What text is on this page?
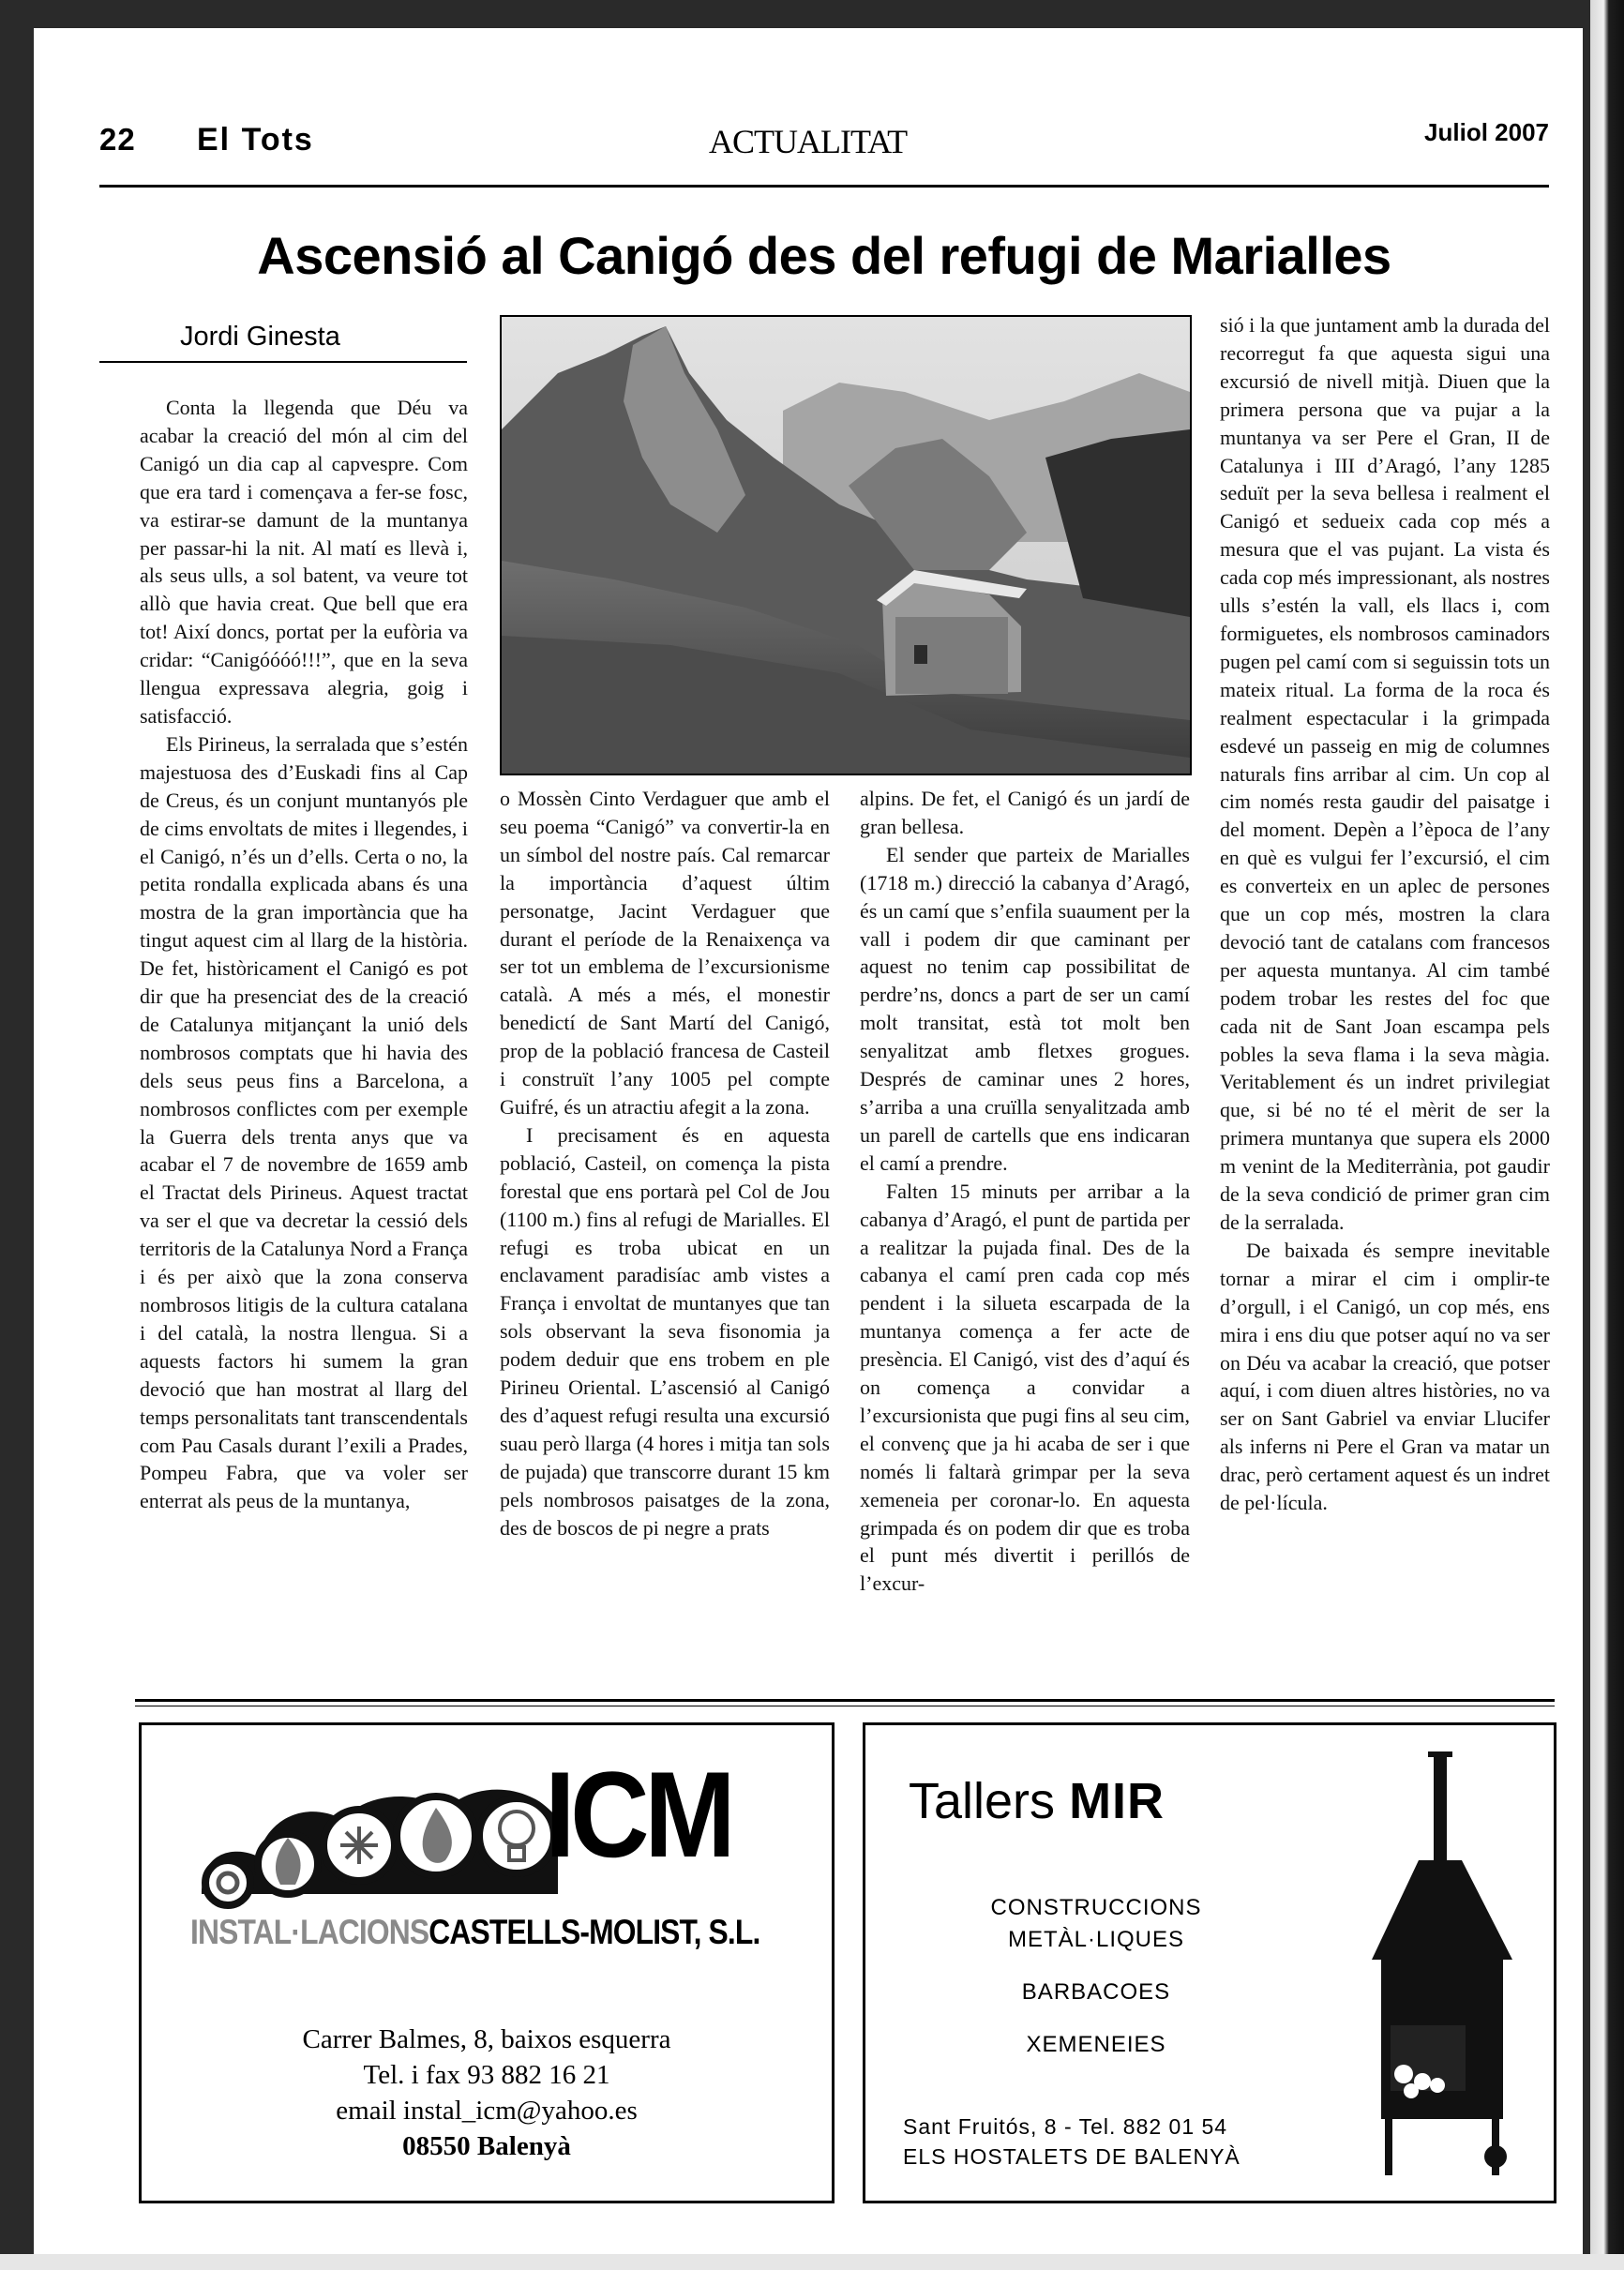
22 El Tots	ACTUALITAT	Juliol 2007
Ascensió al Canigó des del refugi de Marialles
Jordi Ginesta

Conta la llegenda que Déu va acabar la creació del món al cim del Canigó un dia cap al capvespre. Com que era tard i començava a fer-se fosc, va estirar-se damunt de la muntanya per passar-hi la nit. Al matí es llevà i, als seus ulls, a sol batent, va veure tot allò que havia creat. Que bell que era tot! Així doncs, portat per la eufòria va cridar: “Canigóóóó!!!”, que en la seva llengua expressava alegria, goig i satisfacció.

Els Pirineus, la serralada que s’estén majestuosa des d’Euskadi fins al Cap de Creus, és un conjunt muntanyós ple de cims envoltats de mites i llegendes, i el Canigó, n’és un d’ells. Certa o no, la petita rondalla explicada abans és una mostra de la gran importància que ha tingut aquest cim al llarg de la història. De fet, històricament el Canigó es pot dir que ha presenciat des de la creació de Catalunya mitjançant la unió dels nombrosos comptats que hi havia des dels seus peus fins a Barcelona, a nombrosos conflictes com per exemple la Guerra dels trenta anys que va acabar el 7 de novembre de 1659 amb el Tractat dels Pirineus. Aquest tractat va ser el que va decretar la cessió dels territoris de la Catalunya Nord a França i és per això que la zona conserva nombrosos litigis de la cultura catalana i del català, la nostra llengua. Si a aquests factors hi sumem la gran devoció que han mostrat al llarg del temps personalitats tant transcendentals com Pau Casals durant l’exili a Prades, Pompeu Fabra, que va voler ser enterrat als peus de la muntanya,

o Mossèn Cinto Verdaguer que amb el seu poema “Canigó” va convertir-la en un símbol del nostre país. Cal remarcar la importància d’aquest últim personatge, Jacint Verdaguer que durant el període de la Renaixença va ser tot un emblema de l’excursionisme català. A més a més, el monestir benedictí de Sant Martí del Canigó, prop de la població francesa de Casteil i construït l’any 1005 pel compte Guifré, és un atractiu afegit a la zona.

I precisament és en aquesta població, Casteil, on comença la pista forestal que ens portarà pel Col de Jou (1100 m.) fins al refugi de Marialles. El refugi es troba ubicat en un enclavament paradisíac amb vistes a França i envoltat de muntanyes que tan sols observant la seva fisonomia ja podem deduir que ens trobem en ple Pirineu Oriental. L’ascensió al Canigó des d’aquest refugi resulta una excursió suau però llarga (4 hores i mitja tan sols de pujada) que transcorre durant 15 km pels nombrosos paisatges de la zona, des de boscos de pi negre a prats

alpins. De fet, el Canigó és un jardí de gran bellesa.

El sender que parteix de Marialles (1718 m.) direcció la cabanya d’Aragó, és un camí que s’enfila suaument per la vall i podem dir que caminant per aquest no tenim cap possibilitat de perdre’ns, doncs a part de ser un camí molt transitat, està tot molt ben senyalitzat amb fletxes grogues. Després de caminar unes 2 hores, s’arriba a una cruïlla senyalitzada amb un parell de cartells que ens indicaran el camí a prendre.

Falten 15 minuts per arribar a la cabanya d’Aragó, el punt de partida per a realitzar la pujada final. Des de la cabanya el camí pren cada cop més pendent i la silueta escarpada de la muntanya comença a fer acte de presència. El Canigó, vist des d’aquí és on comença a convidar a l’excursionista que pugi fins al seu cim, el convenç que ja hi acaba de ser i que només li faltarà grimpar per la seva xemeneia per coronar-lo. En aquesta grimpada és on podem dir que es troba el punt més divertit i perillós de l’excur-

sió i la que juntament amb la durada del recorregut fa que aquesta sigui una excursió de nivell mitjà. Diuen que la primera persona que va pujar a la muntanya va ser Pere el Gran, II de Catalunya i III d’Aragó, l’any 1285 seduït per la seva bellesa i realment el Canigó et sedueix cada cop més a mesura que el vas pujant. La vista és cada cop més impressionant, als nostres ulls s’estén la vall, els llacs i, com formiguetes, els nombrosos caminadors pugen pel camí com si seguissin tots un mateix ritual. La forma de la roca és realment espectacular i la grimpada esdevé un passeig en mig de columnes naturals fins arribar al cim. Un cop al cim només resta gaudir del paisatge i del moment. Depèn a l’època de l’any en què es vulgui fer l’excursió, el cim es converteix en un aplec de persones que un cop més, mostren la clara devoció tant de catalans com francesos per aquesta muntanya. Al cim també podem trobar les restes del foc que cada nit de Sant Joan escampa pels pobles la seva flama i la seva màgia. Veritablement és un indret privilegiat que, si bé no té el mèrit de ser la primera muntanya que supera els 2000 m venint de la Mediterrània, pot gaudir de la seva condició de primer gran cim de la serralada.

De baixada és sempre inevitable tornar a mirar el cim i omplir-te d’orgull, i el Canigó, un cop més, ens mira i ens diu que potser aquí no va ser on Déu va acabar la creació, que potser aquí, i com diuen altres històries, no va ser on Sant Gabriel va enviar Llucifer als inferns ni Pere el Gran va matar un drac, però certament aquest és un indret de pel·lícula.

ICM
INSTAL·LACIONSCASTELLS-MOLIST, S.L.
Carrer Balmes, 8, baixos esquerra
Tel. i fax 93 882 16 21
email instal_icm@yahoo.es
08550 Balenyà
Tallers MIR
CONSTRUCCIONS
METÀL·LIQUES
BARBACOES
XEMENEIES
Sant Fruitós, 8 - Tel. 882 01 54
ELS HOSTALETS DE BALENYÀ
